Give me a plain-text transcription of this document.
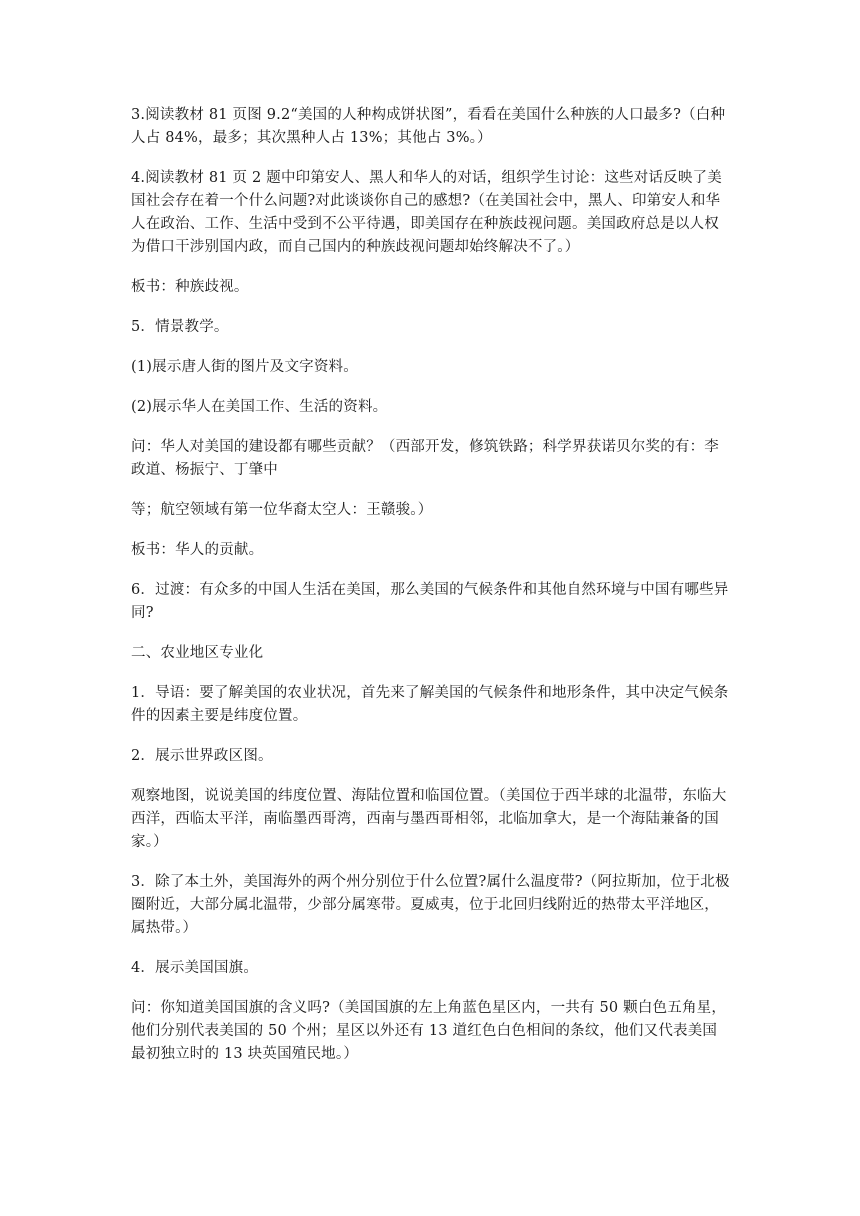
3.阅读教材 81 页图 9.2“美国的人种构成饼状图”，看看在美国什么种族的人口最多?（白种人占 84%，最多；其次黑种人占 13%；其他占 3%。）

4.阅读教材 81 页 2 题中印第安人、黑人和华人的对话，组织学生讨论：这些对话反映了美国社会存在着一个什么问题?对此谈谈你自己的感想?（在美国社会中，黑人、印第安人和华人在政治、工作、生活中受到不公平待遇，即美国存在种族歧视问题。美国政府总是以人权为借口干涉别国内政，而自己国内的种族歧视问题却始终解决不了。）

板书：种族歧视。

5．情景教学。

(1)展示唐人街的图片及文字资料。

(2)展示华人在美国工作、生活的资料。

问：华人对美国的建设都有哪些贡献？（西部开发，修筑铁路；科学界获诺贝尔奖的有：李政道、杨振宁、丁肇中

等；航空领域有第一位华裔太空人：王赣骏。）

板书：华人的贡献。

6．过渡：有众多的中国人生活在美国，那么美国的气候条件和其他自然环境与中国有哪些异同?

二、农业地区专业化

1．导语：要了解美国的农业状况，首先来了解美国的气候条件和地形条件，其中决定气候条件的因素主要是纬度位置。

2．展示世界政区图。

观察地图，说说美国的纬度位置、海陆位置和临国位置。（美国位于西半球的北温带，东临大西洋，西临太平洋，南临墨西哥湾，西南与墨西哥相邻，北临加拿大，是一个海陆兼备的国家。）

3．除了本土外，美国海外的两个州分别位于什么位置?属什么温度带?（阿拉斯加，位于北极圈附近，大部分属北温带，少部分属寒带。夏威夷，位于北回归线附近的热带太平洋地区，属热带。）

4．展示美国国旗。

问：你知道美国国旗的含义吗?（美国国旗的左上角蓝色星区内，一共有 50 颗白色五角星，他们分别代表美国的 50 个州；星区以外还有 13 道红色白色相间的条纹，他们又代表美国最初独立时的 13 块英国殖民地。）
